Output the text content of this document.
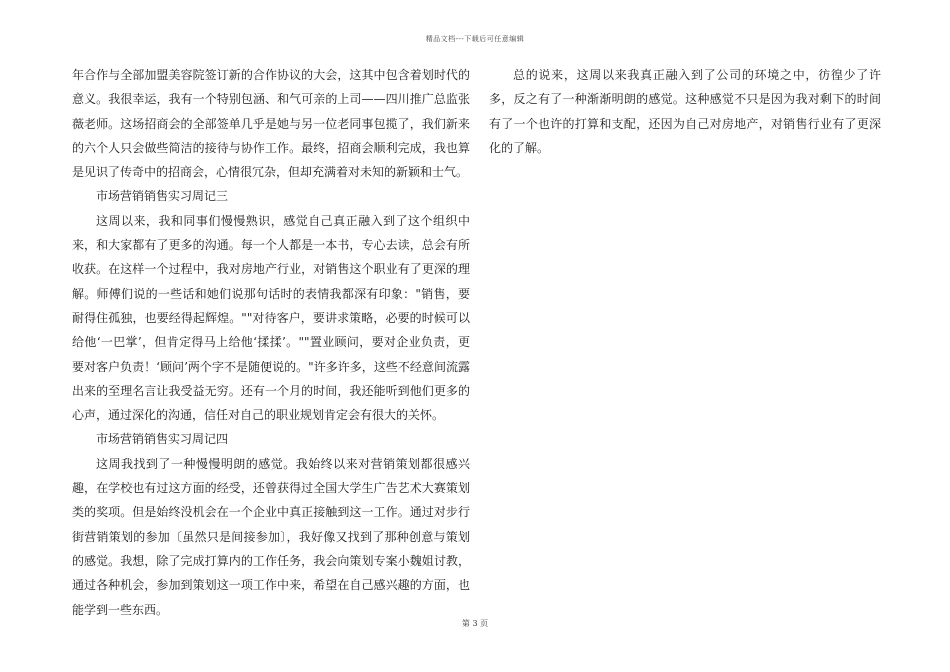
精品文档---下载后可任意编辑

年合作与全部加盟美容院签订新的合作协议的大会，这其中包含着划时代的意义。我很幸运，我有一个特别包涵、和气可亲的上司——四川推广总监张薇老师。这场招商会的全部签单几乎是她与另一位老同事包揽了，我们新来的六个人只会做些简洁的接待与协作工作。最终，招商会顺利完成，我也算是见识了传奇中的招商会，心情很冗杂，但却充满着对未知的新颖和士气。

市场营销销售实习周记三

这周以来，我和同事们慢慢熟识，感觉自己真正融入到了这个组织中来，和大家都有了更多的沟通。每一个人都是一本书，专心去读，总会有所收获。在这样一个过程中，我对房地产行业，对销售这个职业有了更深的理解。师傅们说的一些话和她们说那句话时的表情我都深有印象："销售，要耐得住孤独，也要经得起辉煌。""对待客户，要讲求策略，必要的时候可以给他‘一巴掌’，但肯定得马上给他‘揉揉’。""置业顾问，要对企业负责，更要对客户负责！‘顾问’两个字不是随便说的。"许多许多，这些不经意间流露出来的至理名言让我受益无穷。还有一个月的时间，我还能听到他们更多的心声，通过深化的沟通，信任对自己的职业规划肯定会有很大的关怀。

市场营销销售实习周记四

这周我找到了一种慢慢明朗的感觉。我始终以来对营销策划都很感兴趣，在学校也有过这方面的经受，还曾获得过全国大学生广告艺术大赛策划类的奖项。但是始终没机会在一个企业中真正接触到这一工作。通过对步行街营销策划的参加〔虽然只是间接参加〕，我好像又找到了那种创意与策划的感觉。我想，除了完成打算内的工作任务，我会向策划专案小魏姐讨教，通过各种机会，参加到策划这一项工作中来，希望在自己感兴趣的方面，也能学到一些东西。

总的说来，这周以来我真正融入到了公司的环境之中，彷徨少了许多，反之有了一种渐渐明朗的感觉。这种感觉不只是因为我对剩下的时间有了一个也许的打算和支配，还因为自己对房地产，对销售行业有了更深化的了解。

第 3 页
